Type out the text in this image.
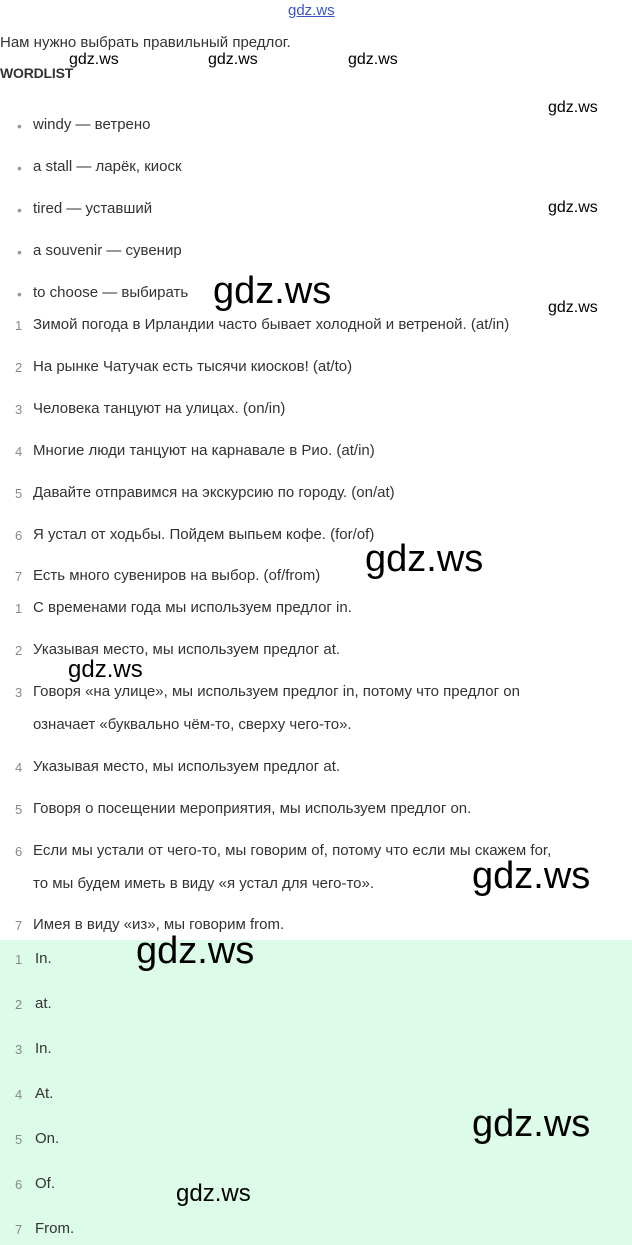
gdz.ws
Нам нужно выбрать правильный предлог.
WORDLIST
• windy — ветрено
• a stall — ларёк, киоск
• tired — уставший
• a souvenir — сувенир
• to choose — выбирать
1 Зимой погода в Ирландии часто бывает холодной и ветреной. (at/in)
2 На рынке Чатучак есть тысячи киосков! (at/to)
3 Человека танцуют на улицах. (on/in)
4 Многие люди танцуют на карнавале в Рио. (at/in)
5 Давайте отправимся на экскурсию по городу. (on/at)
6 Я устал от ходьбы. Пойдем выпьем кофе. (for/of)
7 Есть много сувениров на выбор. (of/from)
1 С временами года мы используем предлог in.
2 Указывая место, мы используем предлог at.
3 Говоря «на улице», мы используем предлог in, потому что предлог on
означает «буквально чём-то, сверху чего-то».
4 Указывая место, мы используем предлог at.
5 Говоря о посещении мероприятия, мы используем предлог on.
6 Если мы устали от чего-то, мы говорим of, потому что если мы скажем for,
то мы будем иметь в виду «я устал для чего-то».
7 Имея в виду «из», мы говорим from.
1 In.
2 at.
3 In.
4 At.
5 On.
6 Of.
7 From.
gdz.ws	gdz.ws	gdz.ws
gdz.ws
gdz.ws
gdz.ws
gdz.ws
gdz.ws
gdz.ws
gdz.ws
gdz.ws
gdz.ws
gdz.ws
